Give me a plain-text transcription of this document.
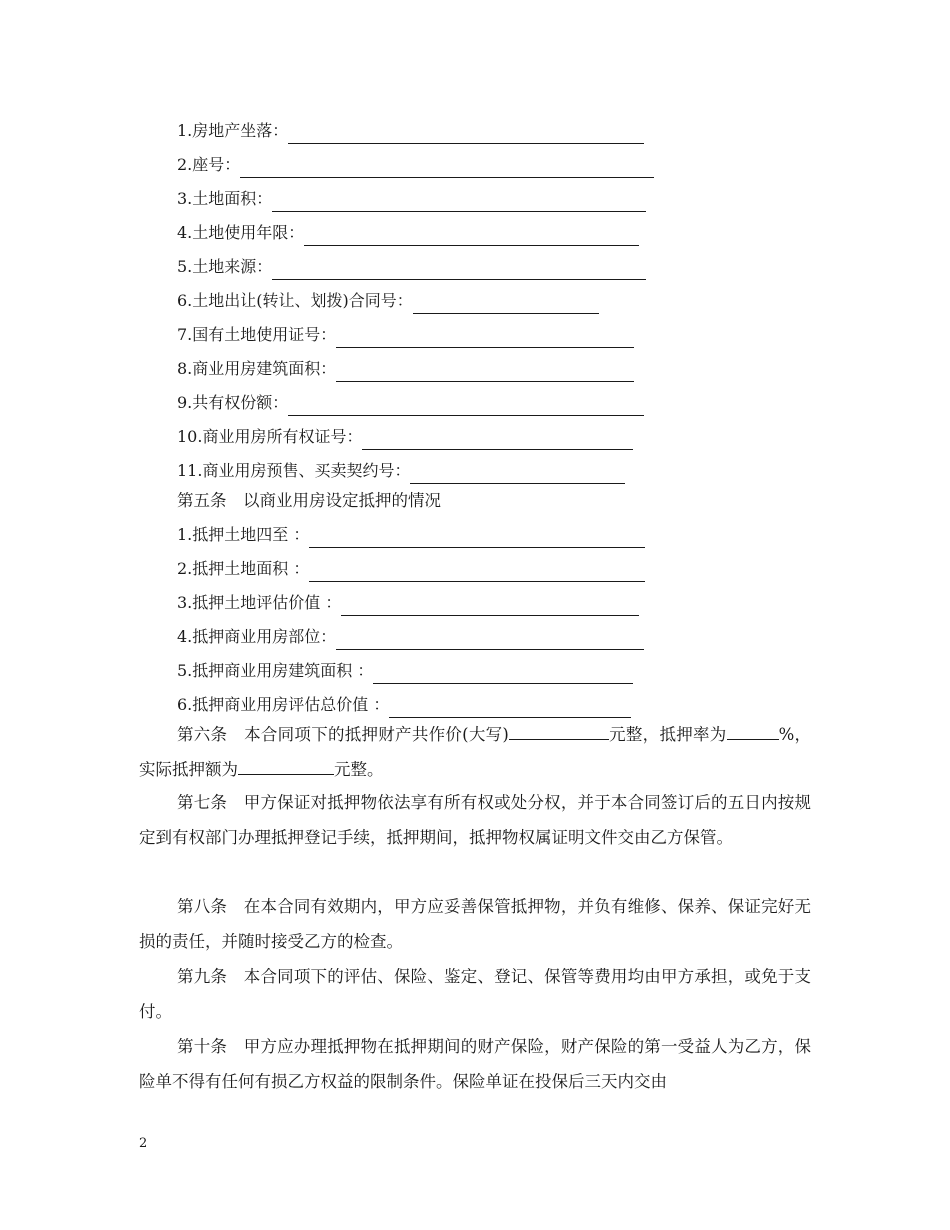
1.房地产坐落：
2.座号：
3.土地面积：
4.土地使用年限：
5.土地来源：
6.土地出让(转让、划拨)合同号：
7.国有土地使用证号：
8.商业用房建筑面积：
9.共有权份额：
10.商业用房所有权证号：
11.商业用房预售、买卖契约号：
第五条　以商业用房设定抵押的情况
1.抵押土地四至 ：
2.抵押土地面积 ：
3.抵押土地评估价值 ：
4.抵押商业用房部位：
5.抵押商业用房建筑面积 ：
6.抵押商业用房评估总价值 ：
第六条　本合同项下的抵押财产共作价(大写)	元整，抵押率为	%，实际抵押额为	元整。
第七条　甲方保证对抵押物依法享有所有权或处分权，并于本合同签订后的五日内按规定到有权部门办理抵押登记手续，抵押期间，抵押物权属证明文件交由乙方保管。
第八条　在本合同有效期内，甲方应妥善保管抵押物，并负有维修、保养、保证完好无损的责任，并随时接受乙方的检查。
第九条　本合同项下的评估、保险、鉴定、登记、保管等费用均由甲方承担，或免于支付。
第十条　甲方应办理抵押物在抵押期间的财产保险，财产保险的第一受益人为乙方，保险单不得有任何有损乙方权益的限制条件。保险单证在投保后三天内交由
2
